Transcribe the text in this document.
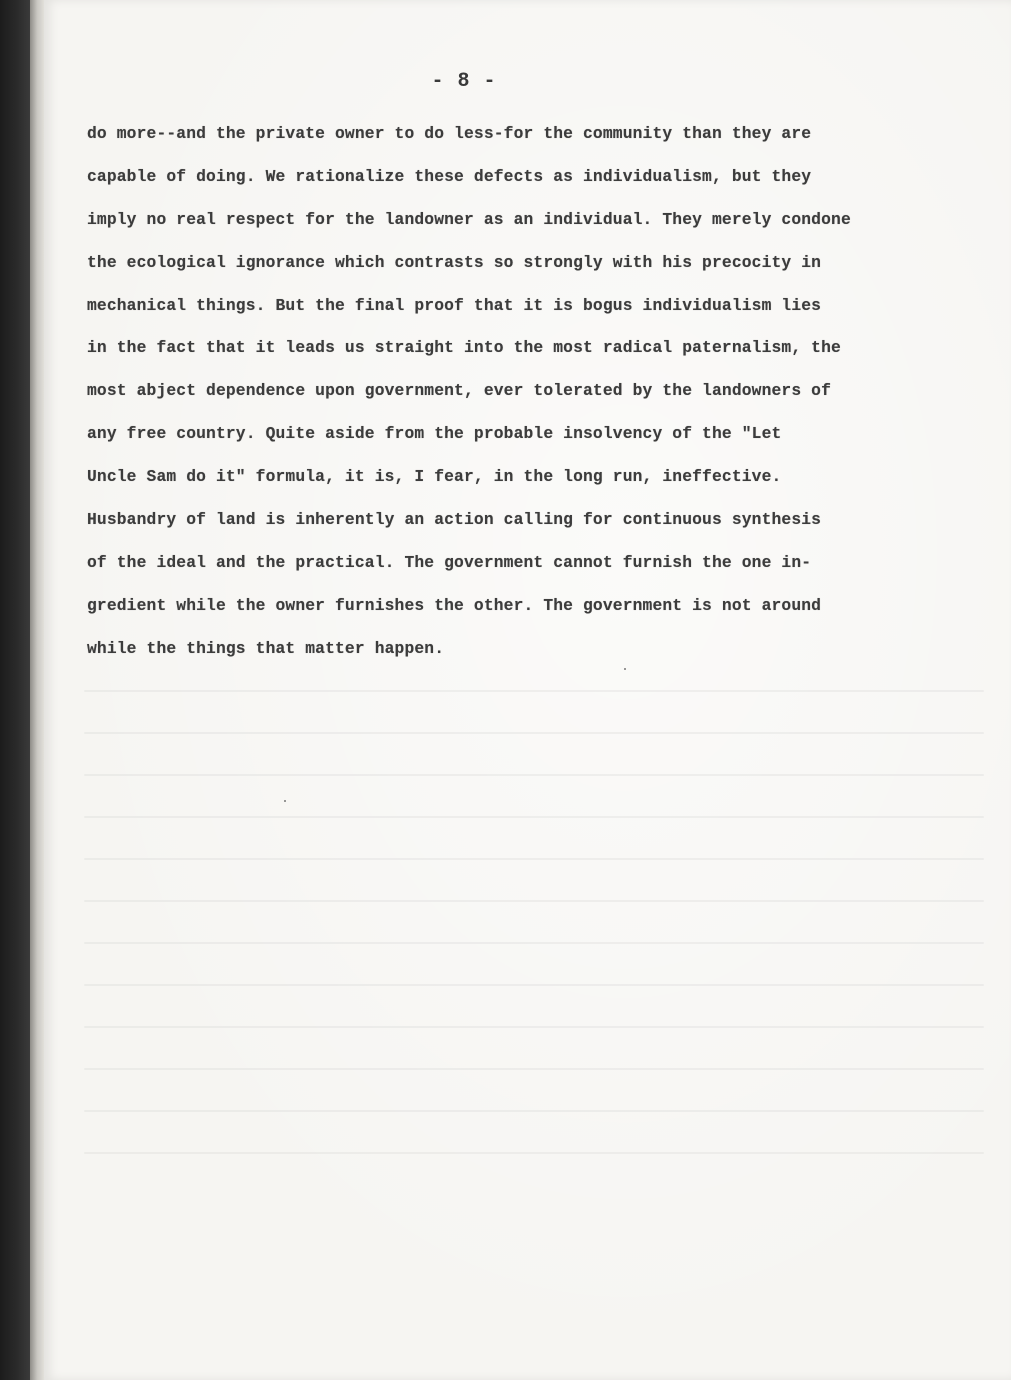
- 8 -
do more--and the private owner to do less-for the community than they are
capable of doing. We rationalize these defects as individualism, but they
imply no real respect for the landowner as an individual. They merely condone
the ecological ignorance which contrasts so strongly with his precocity in
mechanical things. But the final proof that it is bogus individualism lies
in the fact that it leads us straight into the most radical paternalism, the
most abject dependence upon government, ever tolerated by the landowners of
any free country. Quite aside from the probable insolvency of the "Let
Uncle Sam do it" formula, it is, I fear, in the long run, ineffective.
Husbandry of land is inherently an action calling for continuous synthesis
of the ideal and the practical. The government cannot furnish the one in-
gredient while the owner furnishes the other. The government is not around
while the things that matter happen.
